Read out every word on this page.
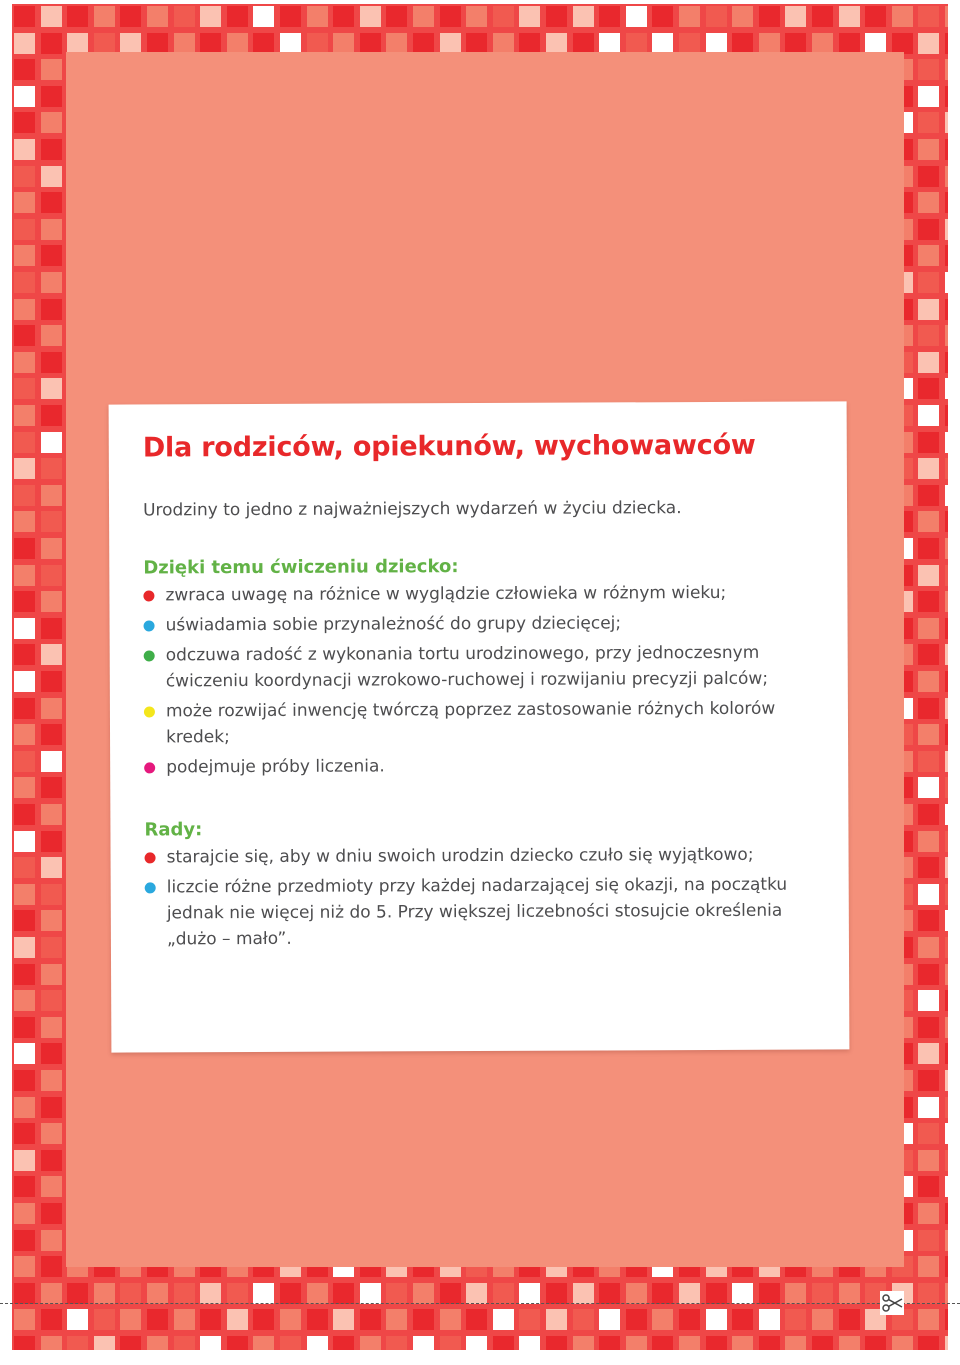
Dla rodziców, opiekunów, wychowawców
Urodziny to jedno z najważniejszych wydarzeń w życiu dziecka.
Dzięki temu ćwiczeniu dziecko:
zwraca uwagę na różnice w wyglądzie człowieka w różnym wieku;
uświadamia sobie przynależność do grupy dziecięcej;
odczuwa radość z wykonania tortu urodzinowego, przy jednoczesnym ćwiczeniu koordynacji wzrokowo-ruchowej i rozwijaniu precyzji palców;
może rozwijać inwencję twórczą poprzez zastosowanie różnych kolorów kredek;
podejmuje próby liczenia.
Rady:
starajcie się, aby w dniu swoich urodzin dziecko czuło się wyjątkowo;
liczcie różne przedmioty przy każdej nadarzającej się okazji, na początku jednak nie więcej niż do 5. Przy większej liczebności stosujcie określenia „dużo – mało”.
